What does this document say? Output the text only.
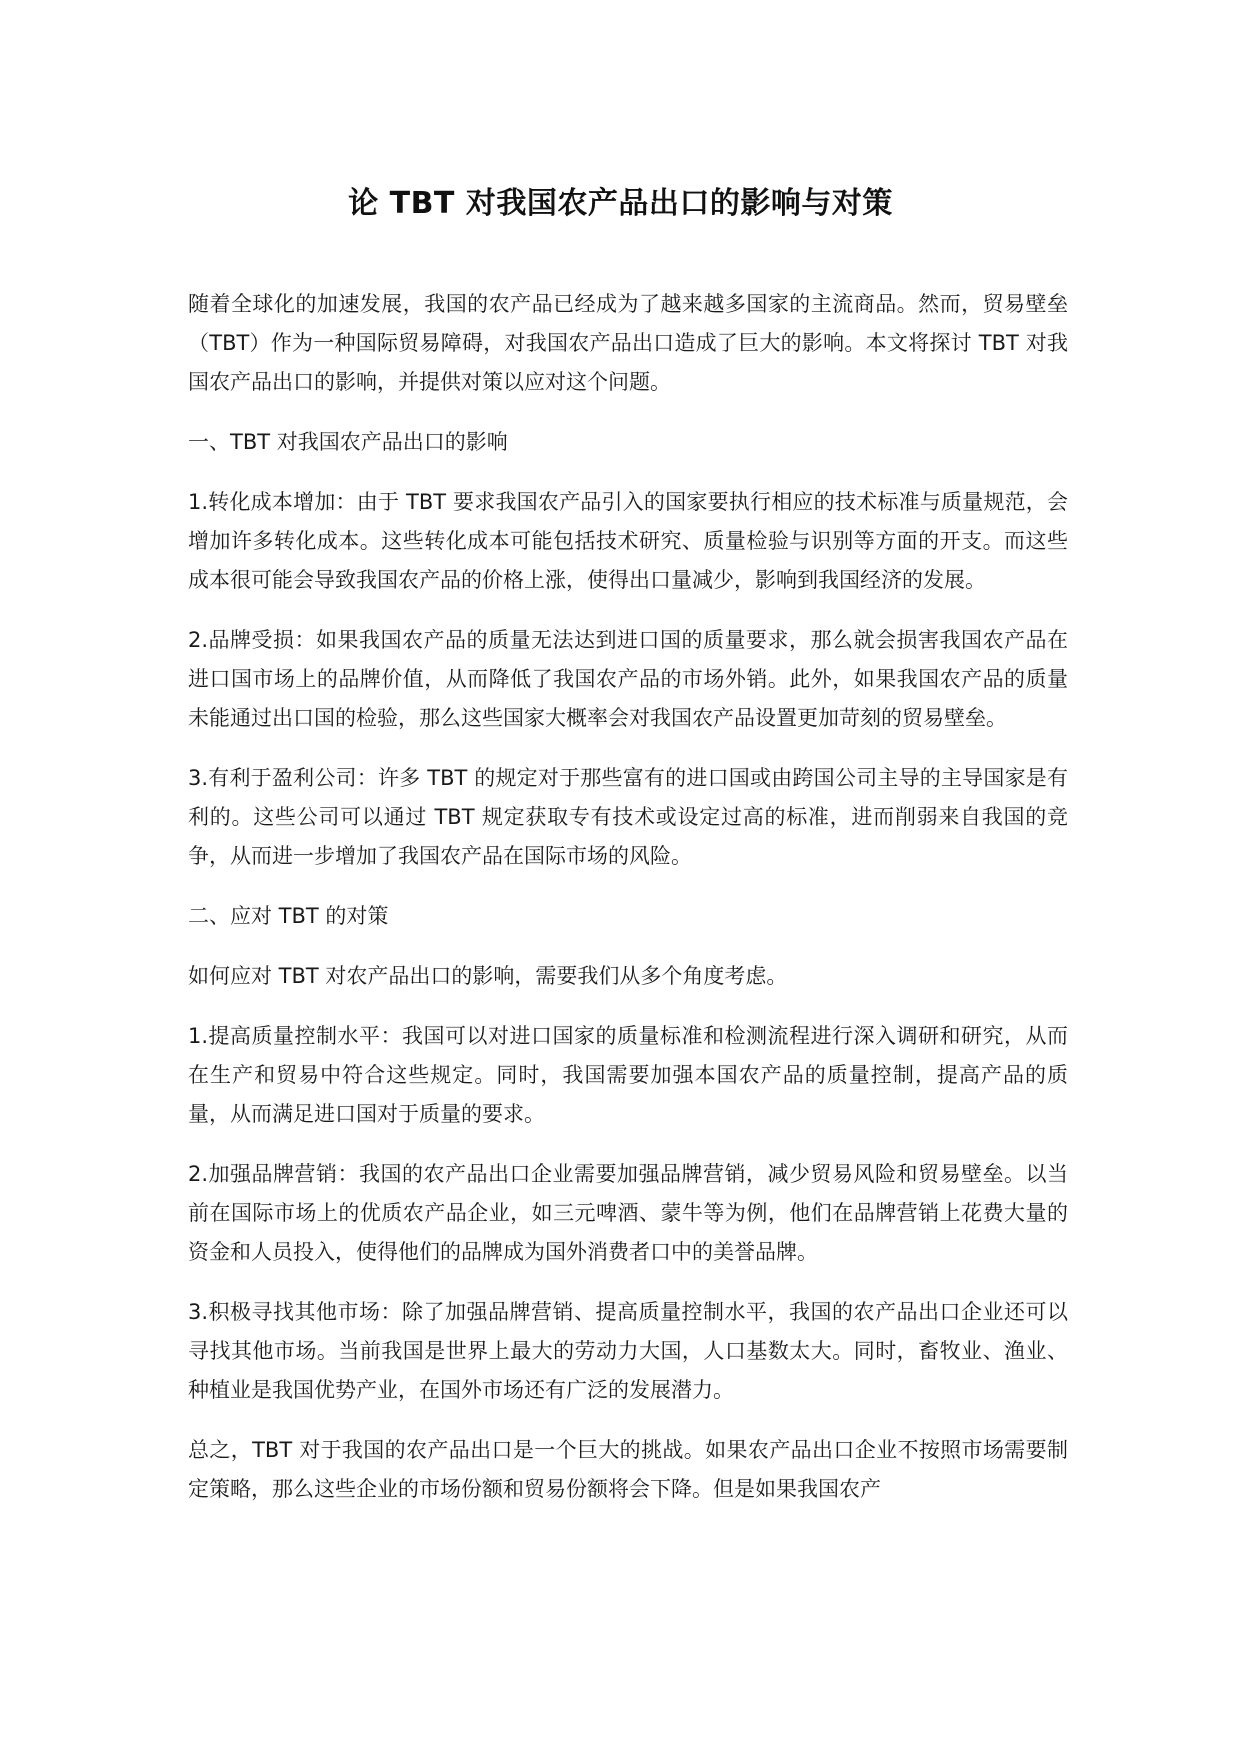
论 TBT 对我国农产品出口的影响与对策

随着全球化的加速发展，我国的农产品已经成为了越来越多国家的主流商品。然而，贸易壁垒（TBT）作为一种国际贸易障碍，对我国农产品出口造成了巨大的影响。本文将探讨 TBT 对我国农产品出口的影响，并提供对策以应对这个问题。

一、TBT 对我国农产品出口的影响

1.转化成本增加：由于 TBT 要求我国农产品引入的国家要执行相应的技术标准与质量规范，会增加许多转化成本。这些转化成本可能包括技术研究、质量检验与识别等方面的开支。而这些成本很可能会导致我国农产品的价格上涨，使得出口量减少，影响到我国经济的发展。

2.品牌受损：如果我国农产品的质量无法达到进口国的质量要求，那么就会损害我国农产品在进口国市场上的品牌价值，从而降低了我国农产品的市场外销。此外，如果我国农产品的质量未能通过出口国的检验，那么这些国家大概率会对我国农产品设置更加苛刻的贸易壁垒。

3.有利于盈利公司：许多 TBT 的规定对于那些富有的进口国或由跨国公司主导的主导国家是有利的。这些公司可以通过 TBT 规定获取专有技术或设定过高的标准，进而削弱来自我国的竞争，从而进一步增加了我国农产品在国际市场的风险。

二、应对 TBT 的对策

如何应对 TBT 对农产品出口的影响，需要我们从多个角度考虑。

1.提高质量控制水平：我国可以对进口国家的质量标准和检测流程进行深入调研和研究，从而在生产和贸易中符合这些规定。同时，我国需要加强本国农产品的质量控制，提高产品的质量，从而满足进口国对于质量的要求。

2.加强品牌营销：我国的农产品出口企业需要加强品牌营销，减少贸易风险和贸易壁垒。以当前在国际市场上的优质农产品企业，如三元啤酒、蒙牛等为例，他们在品牌营销上花费大量的资金和人员投入，使得他们的品牌成为国外消费者口中的美誉品牌。

3.积极寻找其他市场：除了加强品牌营销、提高质量控制水平，我国的农产品出口企业还可以寻找其他市场。当前我国是世界上最大的劳动力大国，人口基数太大。同时，畜牧业、渔业、种植业是我国优势产业，在国外市场还有广泛的发展潜力。

总之，TBT 对于我国的农产品出口是一个巨大的挑战。如果农产品出口企业不按照市场需要制定策略，那么这些企业的市场份额和贸易份额将会下降。但是如果我国农产
